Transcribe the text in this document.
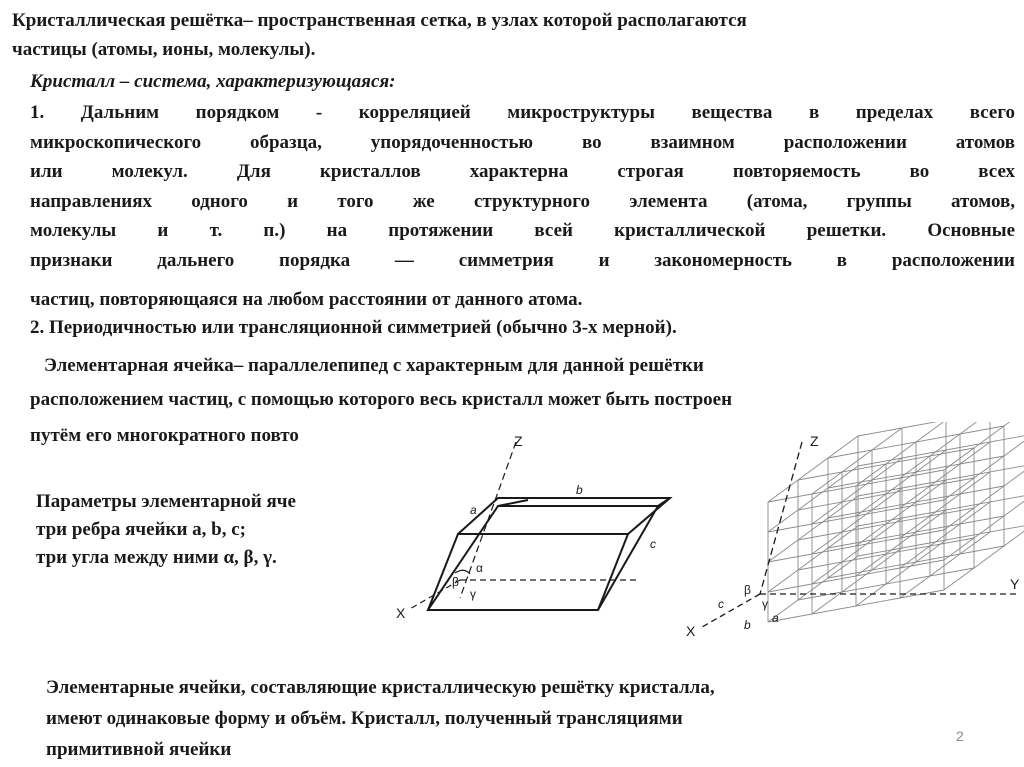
Кристаллическая решётка– пространственная сетка, в узлах которой располагаются
частицы (атомы, ионы, молекулы).
Кристалл – система, характеризующаяся:
1. Дальним порядком - корреляцией микроструктуры вещества в пределах всего
микроскопического образца, упорядоченностью во взаимном расположении атомов
или молекул. Для кристаллов характерна строгая повторяемость во всех
направлениях одного и того же структурного элемента (атома, группы атомов,
молекулы и т. п.) на протяжении всей кристаллической решетки. Основные
признаки дальнего порядка — симметрия и закономерность в расположении
частиц, повторяющаяся на любом расстоянии от данного атома.
2. Периодичностью или трансляционной симметрией (обычно 3-х мерной).
Элементарная ячейка– параллелепипед с характерным для данной решётки
расположением частиц, с помощью которого весь кристалл может быть построен
путём его многократного повто
Параметры элементарной яче
три ребра ячейки a, b, c;
три угла между ними α, β, γ.
Z
X
a
b
c
α
β
γ
Z
X
Y
a
b
c
β
γ
Элементарные ячейки, составляющие кристаллическую решётку кристалла,
имеют одинаковые форму и объём. Кристалл, полученный трансляциями
примитивной ячейки
2
